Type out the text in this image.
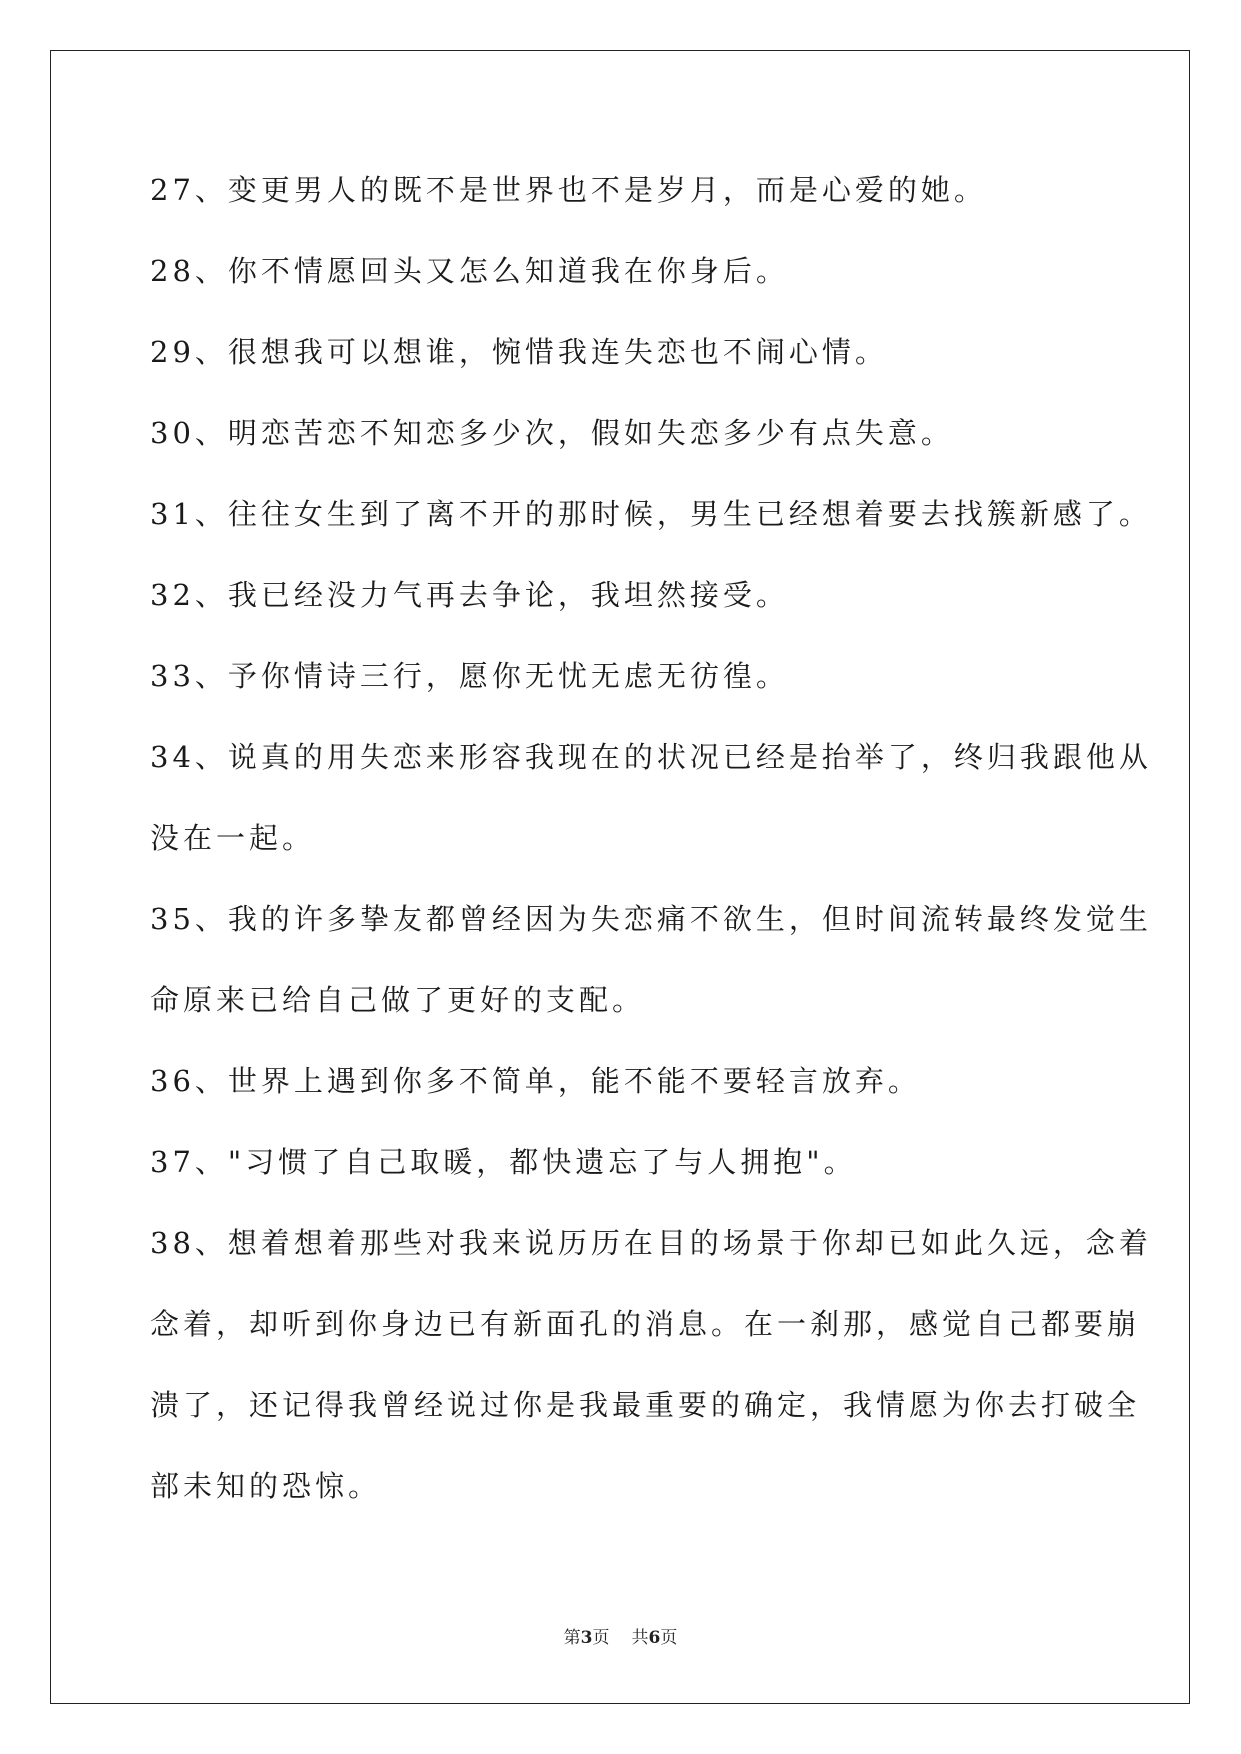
27、变更男人的既不是世界也不是岁月，而是心爱的她。
28、你不情愿回头又怎么知道我在你身后。
29、很想我可以想谁，惋惜我连失恋也不闹心情。
30、明恋苦恋不知恋多少次，假如失恋多少有点失意。
31、往往女生到了离不开的那时候，男生已经想着要去找簇新感了。
32、我已经没力气再去争论，我坦然接受。
33、予你情诗三行，愿你无忧无虑无彷徨。
34、说真的用失恋来形容我现在的状况已经是抬举了，终归我跟他从
没在一起。
35、我的许多挚友都曾经因为失恋痛不欲生，但时间流转最终发觉生
命原来已给自己做了更好的支配。
36、世界上遇到你多不简单，能不能不要轻言放弃。
37、"习惯了自己取暖，都快遗忘了与人拥抱"。
38、想着想着那些对我来说历历在目的场景于你却已如此久远，念着
念着，却听到你身边已有新面孔的消息。在一刹那，感觉自己都要崩
溃了，还记得我曾经说过你是我最重要的确定，我情愿为你去打破全
部未知的恐惊。
第3页 共6页
